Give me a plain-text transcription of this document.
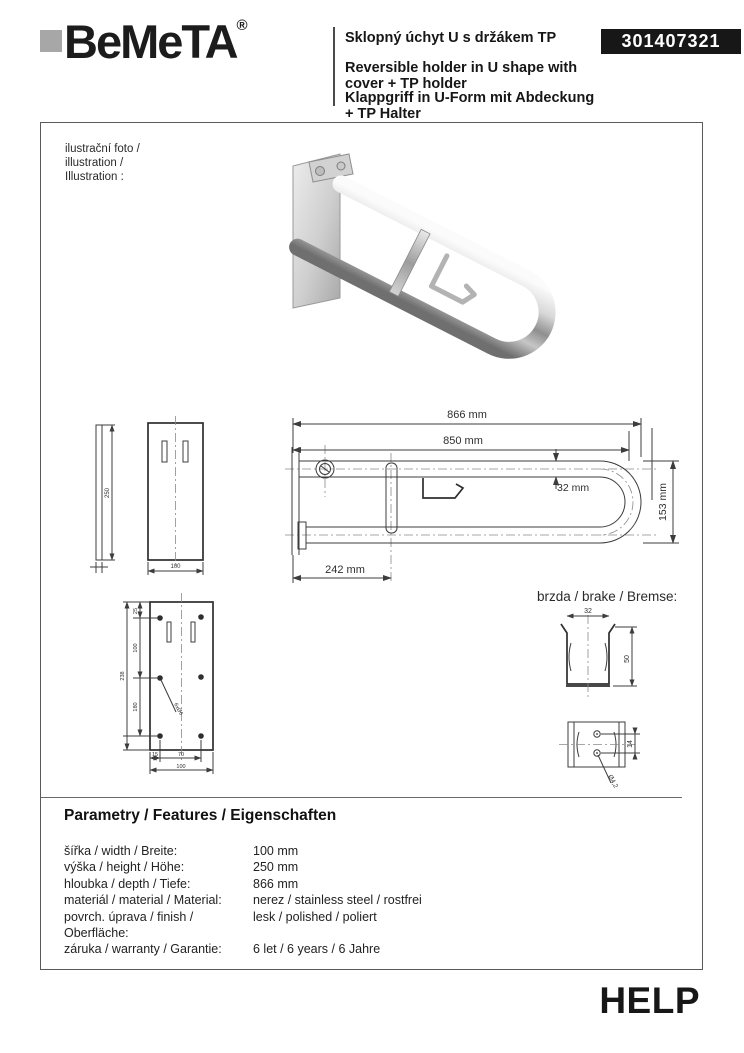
BeMeTA®
Sklopný úchyt U s držákem TP
Reversible holder in U shape with cover + TP holder
Klappgriff in U-Form mit Abdeckung + TP Halter
301407321
ilustrační foto /
illustration /
Illustration :
866 mm
850 mm
32 mm	153 mm
242 mm
250
100
25
100
180
238
6xØ6
15	70
100
brzda / brake / Bremse:
32
50
14
Ø4,2
Parametry / Features / Eigenschaften
šířka / width / Breite:	100 mm
výška / height / Höhe:	250 mm
hloubka / depth / Tiefe:	866 mm
materiál / material / Material:	nerez / stainless steel / rostfrei
povrch. úprava / finish / Oberfläche:
lesk / polished / poliert
záruka / warranty / Garantie:	6 let / 6 years / 6 Jahre
HELP
